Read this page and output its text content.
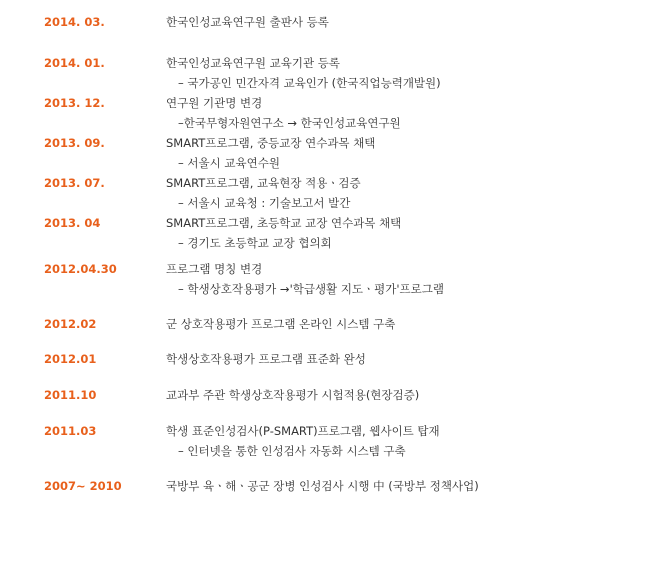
2014. 03.	한국인성교육연구원 출판사 등록
2014. 01.	한국인성교육연구원 교육기관 등록
– 국가공인 민간자격 교육인가 (한국직업능력개발원)
2013. 12.	연구원 기관명 변경
–한국무형자원연구소 → 한국인성교육연구원
2013. 09.	SMART프로그램, 중등교장 연수과목 채택
– 서울시 교육연수원
2013. 07.	SMART프로그램, 교육현장 적용ㆍ검증
– 서울시 교육청 : 기술보고서 발간
2013. 04	SMART프로그램, 초등학교 교장 연수과목 채택
– 경기도 초등학교 교장 협의회
2012.04.30	프로그램 명칭 변경
– 학생상호작용평가 →'학급생활 지도ㆍ평가'프로그램
2012.02	군 상호작용평가 프로그램 온라인 시스템 구축
2012.01	학생상호작용평가 프로그램 표준화 완성
2011.10	교과부 주관 학생상호작용평가 시험적용(현장검증)
2011.03	학생 표준인성검사(P-SMART)프로그램, 웹사이트 탑재
– 인터넷을 통한 인성검사 자동화 시스템 구축
2007~ 2010	국방부 육ㆍ해ㆍ공군 장병 인성검사 시행 中 (국방부 정책사업)
